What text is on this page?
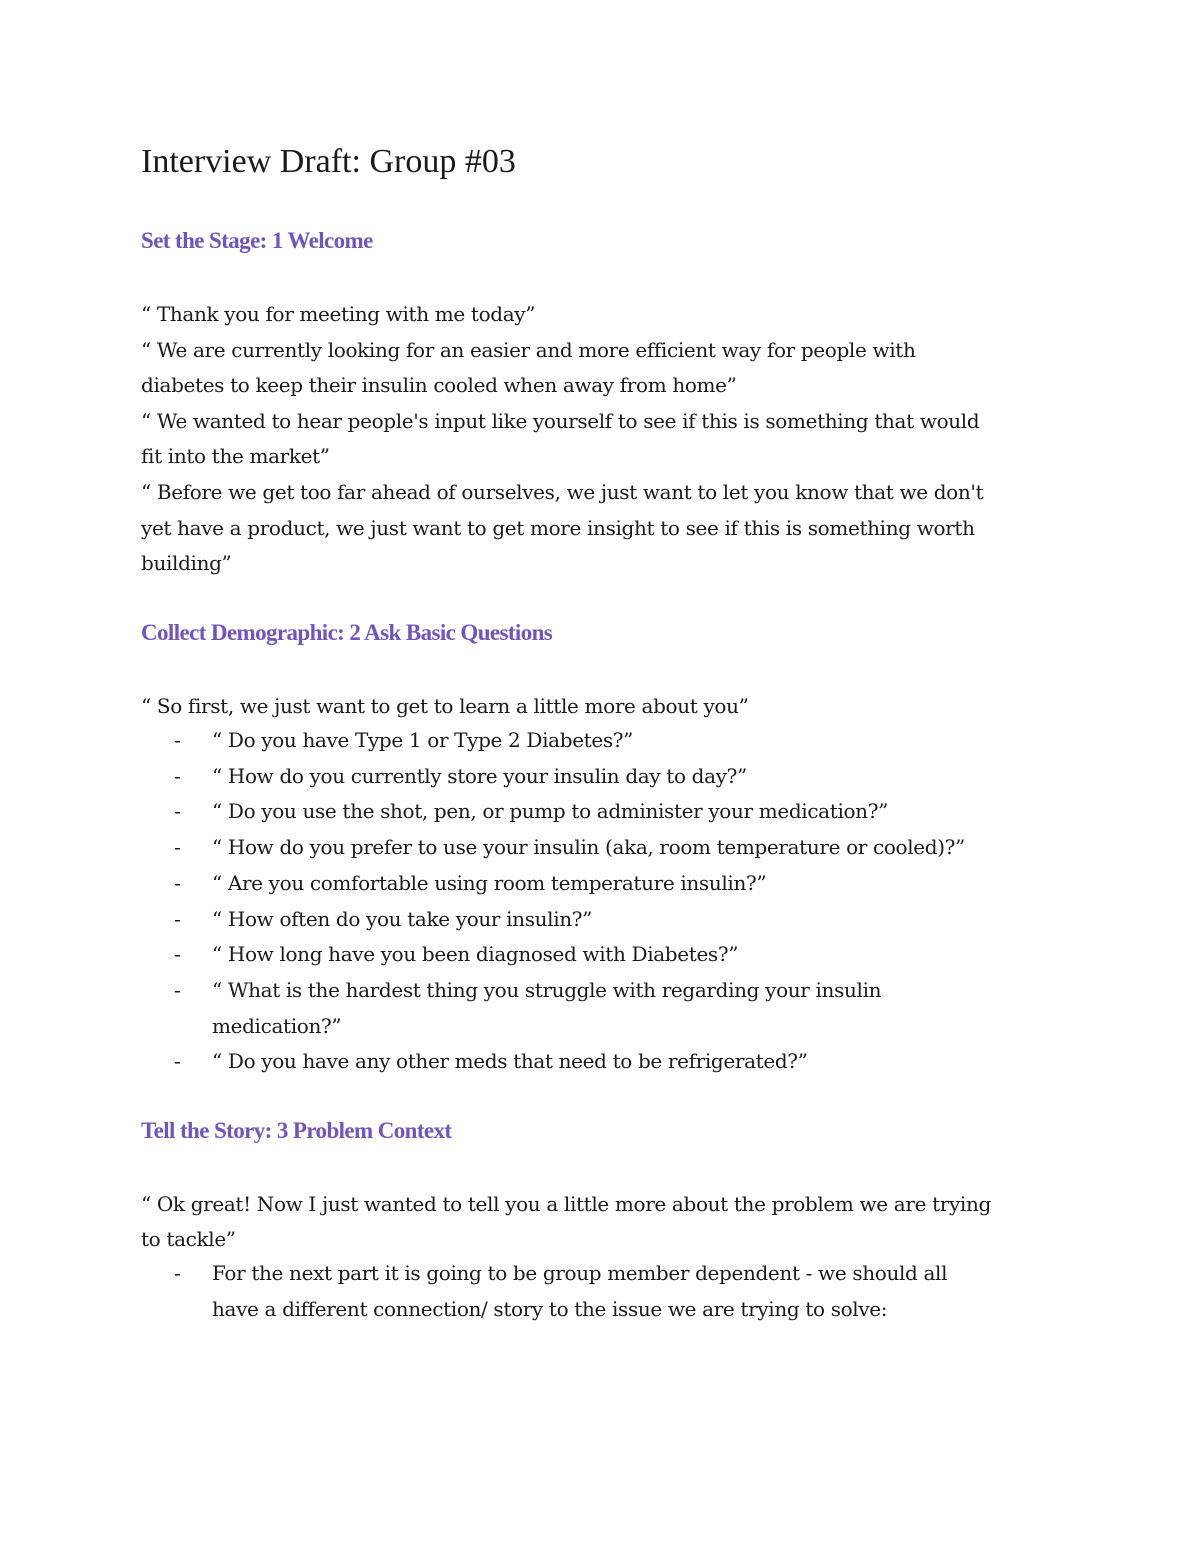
Interview Draft: Group #03
Set the Stage: 1 Welcome
“ Thank you for meeting with me today”
“ We are currently looking for an easier and more efficient way for people with
diabetes to keep their insulin cooled when away from home”
“ We wanted to hear people's input like yourself to see if this is something that would
fit into the market”
“ Before we get too far ahead of ourselves, we just want to let you know that we don't
yet have a product, we just want to get more insight to see if this is something worth
building”
Collect Demographic: 2 Ask Basic Questions
“ So first, we just want to get to learn a little more about you”
- “ Do you have Type 1 or Type 2 Diabetes?”
- “ How do you currently store your insulin day to day?”
- “ Do you use the shot, pen, or pump to administer your medication?”
- “ How do you prefer to use your insulin (aka, room temperature or cooled)?”
- “ Are you comfortable using room temperature insulin?”
- “ How often do you take your insulin?”
- “ How long have you been diagnosed with Diabetes?”
- “ What is the hardest thing you struggle with regarding your insulin
medication?”
- “ Do you have any other meds that need to be refrigerated?”
Tell the Story: 3 Problem Context
“ Ok great! Now I just wanted to tell you a little more about the problem we are trying
to tackle”
- For the next part it is going to be group member dependent - we should all
have a different connection/ story to the issue we are trying to solve:
